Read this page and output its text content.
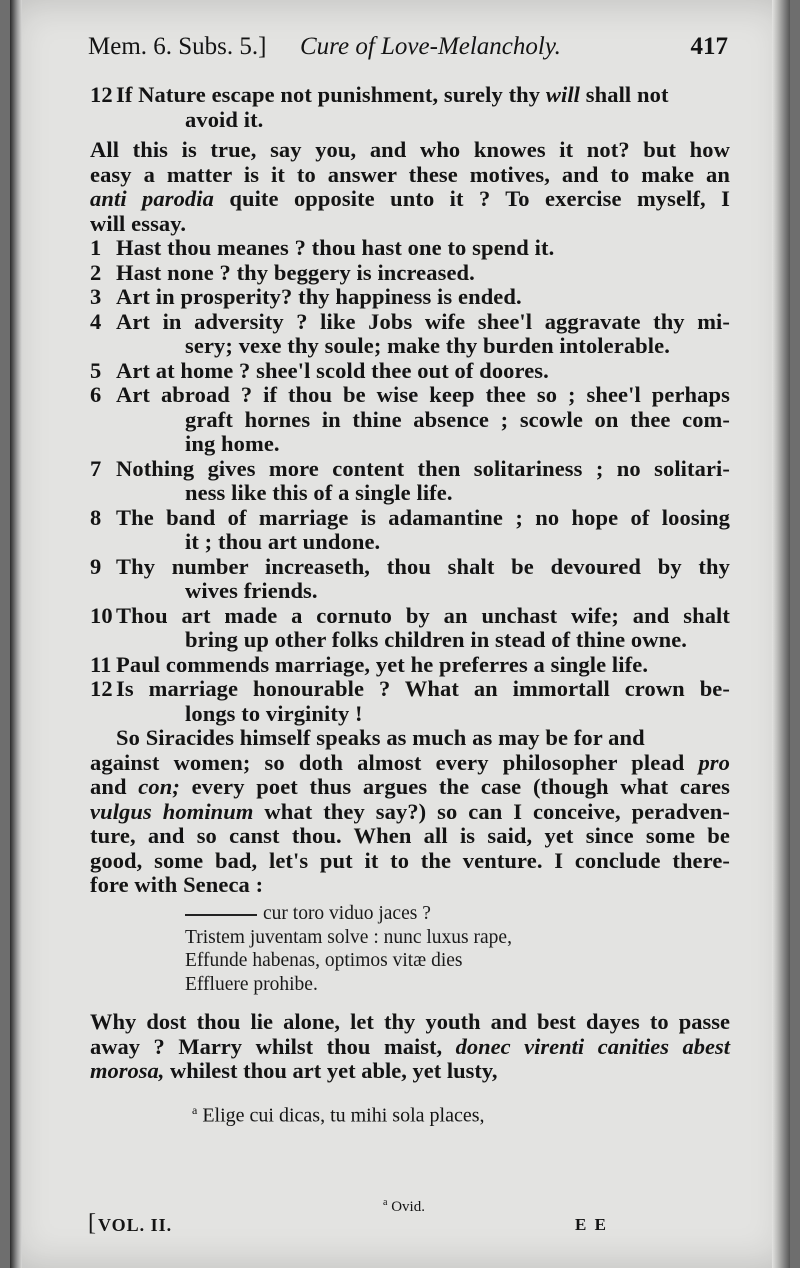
Mem. 6. Subs. 5.] Cure of Love-Melancholy.	417
12 If Nature escape not punishment, surely thy will shall not
avoid it.
All this is true, say you, and who knowes it not? but how
easy a matter is it to answer these motives, and to make an
anti parodia quite opposite unto it ? To exercise myself, I
will essay.
1 Hast thou meanes ? thou hast one to spend it.
2 Hast none ? thy beggery is increased.
3 Art in prosperity? thy happiness is ended.
4 Art in adversity ? like Jobs wife shee'l aggravate thy mi-
sery; vexe thy soule; make thy burden intolerable.
5 Art at home ? shee'l scold thee out of doores.
6 Art abroad ? if thou be wise keep thee so ; shee'l perhaps
graft hornes in thine absence ; scowle on thee com-
ing home.
7 Nothing gives more content then solitariness ; no solitari-
ness like this of a single life.
8 The band of marriage is adamantine ; no hope of loosing
it ; thou art undone.
9 Thy number increaseth, thou shalt be devoured by thy
wives friends.
10 Thou art made a cornuto by an unchast wife; and shalt
bring up other folks children in stead of thine owne.
11 Paul commends marriage, yet he preferres a single life.
12 Is marriage honourable ? What an immortall crown be-
longs to virginity !
So Siracides himself speaks as much as may be for and
against women; so doth almost every philosopher plead pro
and con; every poet thus argues the case (though what cares
vulgus hominum what they say?) so can I conceive, peradven-
ture, and so canst thou. When all is said, yet since some be
good, some bad, let's put it to the venture. I conclude there-
fore with Seneca :
cur toro viduo jaces ?
Tristem juventam solve : nunc luxus rape,
Effunde habenas, optimos vitæ dies
Effluere prohibe.
Why dost thou lie alone, let thy youth and best dayes to passe
away ? Marry whilst thou maist, donec virenti canities abest
morosa, whilest thou art yet able, yet lusty,
$^a$ Elige cui dicas, tu mihi sola places,
$^a$ Ovid.
[ VOL. II.	E E
